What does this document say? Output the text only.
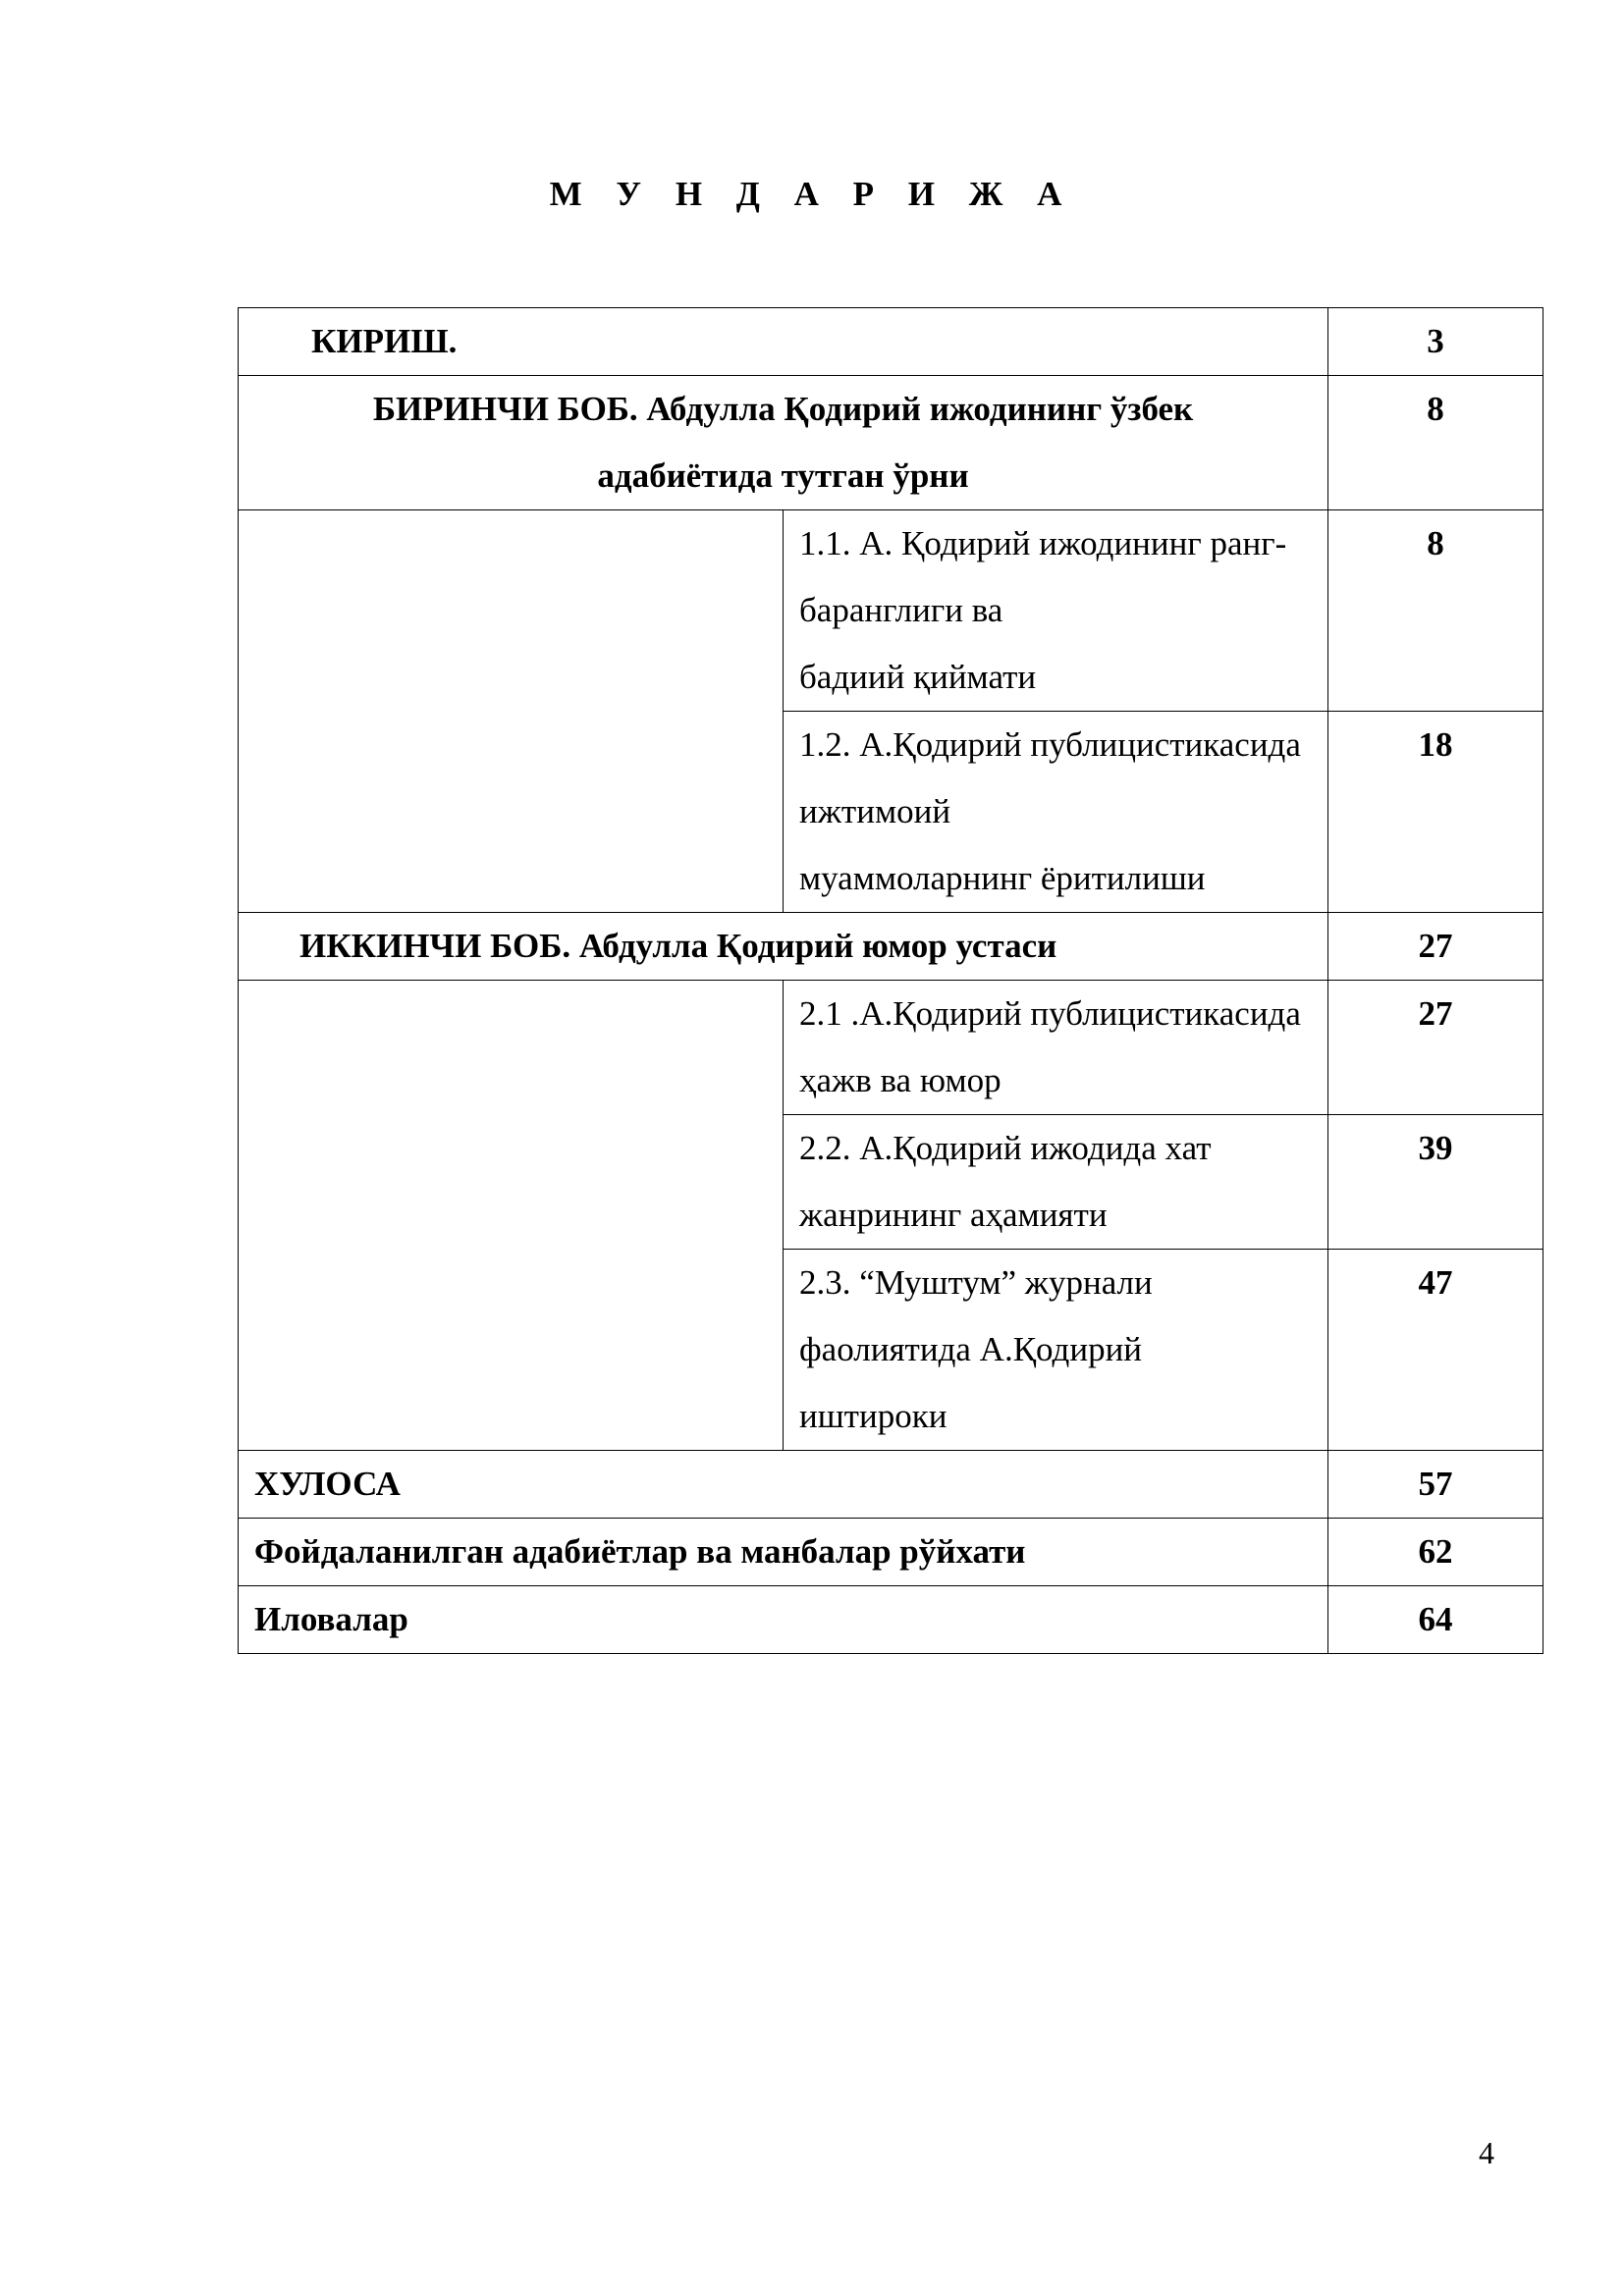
М У Н Д А Р И Ж А
КИРИШ.		3

БИРИНЧИ БОБ. Абдулла Қодирий ижодининг ўзбек
адабиётида тутган ўрни		8

	1.1. А. Қодирий ижодининг ранг-баранглиги ва
бадиий қиймати	8

	1.2. А.Қодирий публицистикасида ижтимоий
муаммоларнинг ёритилиши	18
ИККИНЧИ БОБ. Абдулла Қодирий юмор устаси		27
	2.1 .А.Қодирий публицистикасида ҳажв ва юмор	27
	2.2. А.Қодирий ижодида хат жанрининг аҳамияти	39

	2.3. “Муштум” журнали фаолиятида А.Қодирий
иштироки	47
ХУЛОСА		57
Фойдаланилган адабиётлар ва манбалар рўйхати		62
Иловалар		64
4
